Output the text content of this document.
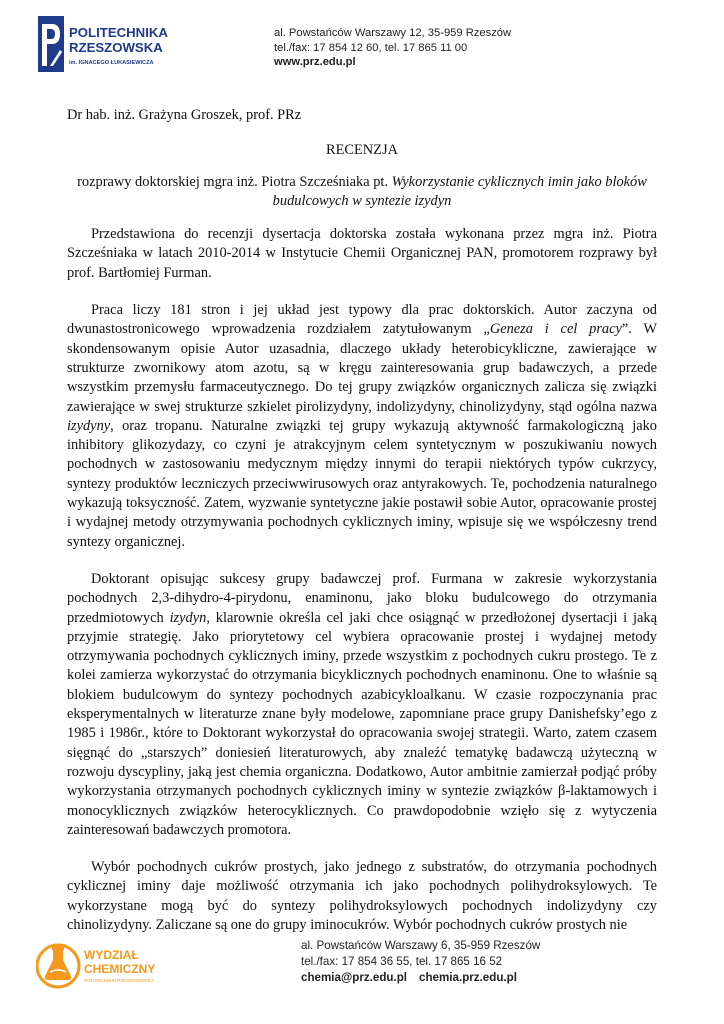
POLITECHNIKA
RZESZOWSKA
im. IGNACEGO ŁUKASIEWICZA
al. Powstańców Warszawy 12, 35-959 Rzeszów
tel./fax: 17 854 12 60, tel. 17 865 11 00
www.prz.edu.pl

Dr hab. inż. Grażyna Groszek, prof. PRz

RECENZJA

rozprawy doktorskiej mgra inż. Piotra Szcześniaka pt. Wykorzystanie cyklicznych imin jako bloków budulcowych w syntezie izydyn

Przedstawiona do recenzji dysertacja doktorska została wykonana przez mgra inż. Piotra Szcześniaka w latach 2010-2014 w Instytucie Chemii Organicznej PAN, promotorem rozprawy był prof. Bartłomiej Furman.

Praca liczy 181 stron i jej układ jest typowy dla prac doktorskich. Autor zaczyna od dwunastostronicowego wprowadzenia rozdziałem zatytułowanym „Geneza i cel pracy”. W skondensowanym opisie Autor uzasadnia, dlaczego układy heterobicykliczne, zawierające w strukturze zwornikowy atom azotu, są w kręgu zainteresowania grup badawczych, a przede wszystkim przemysłu farmaceutycznego. Do tej grupy związków organicznych zalicza się związki zawierające w swej strukturze szkielet pirolizydyny, indolizydyny, chinolizydyny, stąd ogólna nazwa izydyny, oraz tropanu. Naturalne związki tej grupy wykazują aktywność farmakologiczną jako inhibitory glikozydazy, co czyni je atrakcyjnym celem syntetycznym w poszukiwaniu nowych pochodnych w zastosowaniu medycznym między innymi do terapii niektórych typów cukrzycy, syntezy produktów leczniczych przeciwwirusowych oraz antyrakowych. Te, pochodzenia naturalnego wykazują toksyczność. Zatem, wyzwanie syntetyczne jakie postawił sobie Autor, opracowanie prostej i wydajnej metody otrzymywania pochodnych cyklicznych iminy, wpisuje się we współczesny trend syntezy organicznej.

Doktorant opisując sukcesy grupy badawczej prof. Furmana w zakresie wykorzystania pochodnych 2,3-dihydro-4-pirydonu, enaminonu, jako bloku budulcowego do otrzymania przedmiotowych izydyn, klarownie określa cel jaki chce osiągnąć w przedłożonej dysertacji i jaką przyjmie strategię. Jako priorytetowy cel wybiera opracowanie prostej i wydajnej metody otrzymywania pochodnych cyklicznych iminy, przede wszystkim z pochodnych cukru prostego. Te z kolei zamierza wykorzystać do otrzymania bicyklicznych pochodnych enaminonu. One to właśnie są blokiem budulcowym do syntezy pochodnych azabicykloalkanu. W czasie rozpoczynania prac eksperymentalnych w literaturze znane były modelowe, zapomniane prace grupy Danishefsky’ego z 1985 i 1986r., które to Doktorant wykorzystał do opracowania swojej strategii. Warto, zatem czasem sięgnąć do „starszych” doniesień literaturowych, aby znaleźć tematykę badawczą użyteczną w rozwoju dyscypliny, jaką jest chemia organiczna. Dodatkowo, Autor ambitnie zamierzał podjąć próby wykorzystania otrzymanych pochodnych cyklicznych iminy w syntezie związków β-laktamowych i monocyklicznych związków heterocyklicznych. Co prawdopodobnie wzięło się z wytyczenia zainteresowań badawczych promotora.

Wybór pochodnych cukrów prostych, jako jednego z substratów, do otrzymania pochodnych cyklicznej iminy daje możliwość otrzymania ich jako pochodnych polihydroksylowych. Te wykorzystane mogą być do syntezy polihydroksylowych pochodnych indolizydyny czy chinolizydyny. Zaliczane są one do grupy iminocukrów. Wybór pochodnych cukrów prostych nie

WYDZIAŁ
CHEMICZNY
POLITECHNIKI RZESZOWSKIEJ
al. Powstańców Warszawy 6, 35-959 Rzeszów
tel./fax: 17 854 36 55, tel. 17 865 16 52
chemia@prz.edu.pl chemia.prz.edu.pl
